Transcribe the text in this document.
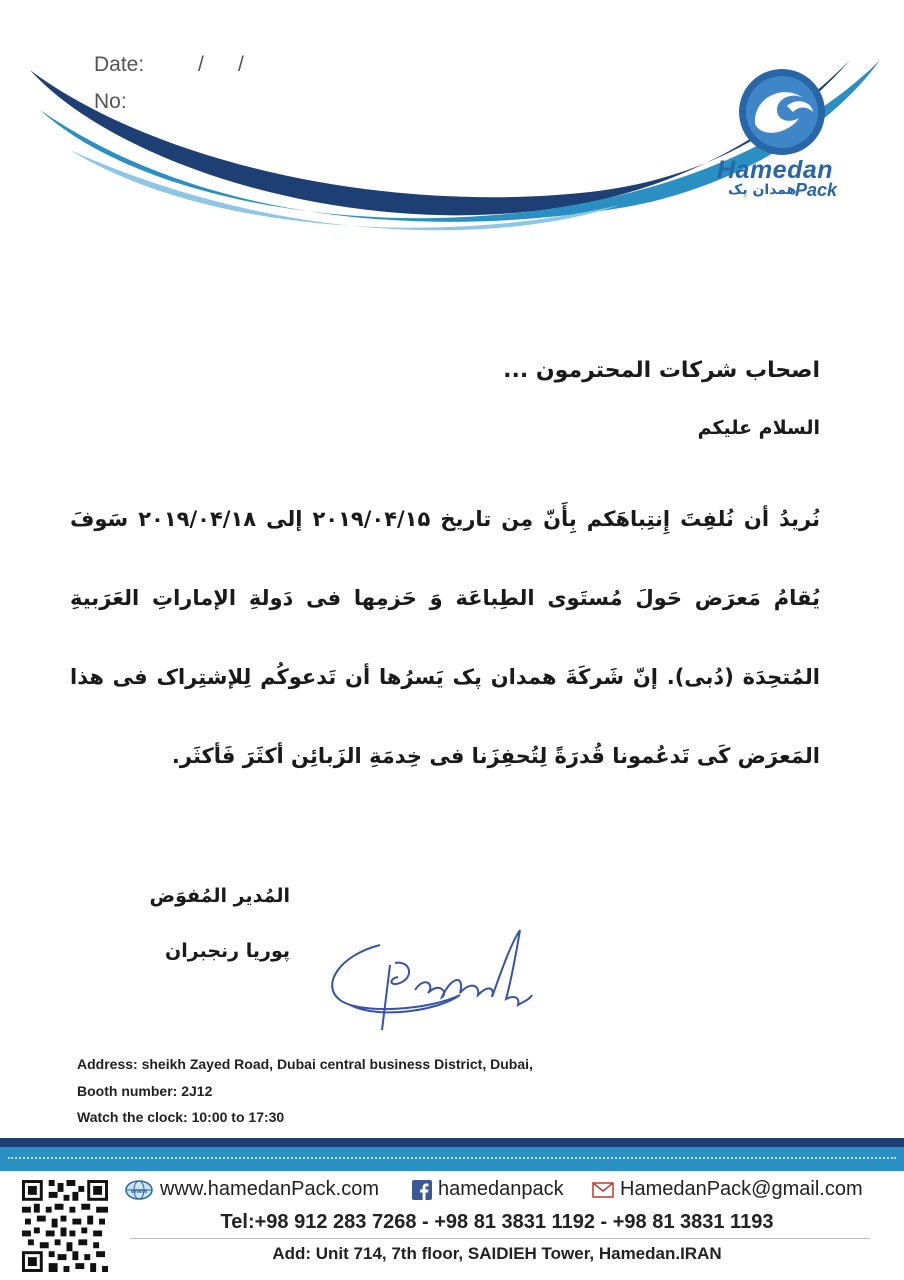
Date:	/ /
No:
Hamedan
همدان پک
Pack
اصحاب شرکات المحترمون ...
السلام علیکم
نُریدُ أن نُلفِتَ إِنتِباهَکم بِأَنّ مِن تاریخ ۲۰۱۹/۰۴/۱۵ إلى ۲۰۱۹/۰۴/۱۸ سَوفَ یُقامُ مَعرَض حَولَ مُستَوی الطِباعَة وَ حَزمِها فی دَولةِ الإماراتِ العَرَبیةِ المُتحِدَة (دُبی). إنّ شَرکَةَ همدان پک یَسرُها أن تَدعوکُم لِلإشتِراک فی هذا المَعرَض کَی تَدعُمونا قُدرَةً لِتُحفِزَنا فی خِدمَةِ الزَبائِن أکثَرَ فَأکثَر.
المُدیر المُفوَض
پوریا رنجبران
Address: sheikh Zayed Road, Dubai central business District, Dubai,
Booth number: 2J12
Watch the clock: 10:00 to 17:30
www www.hamedanPack.com	hamedanpack	HamedanPack@gmail.com
Tel:+98 912 283 7268 - +98 81 3831 1192 - +98 81 3831 1193
Add: Unit 714, 7th floor, SAIDIEH Tower, Hamedan.IRAN
